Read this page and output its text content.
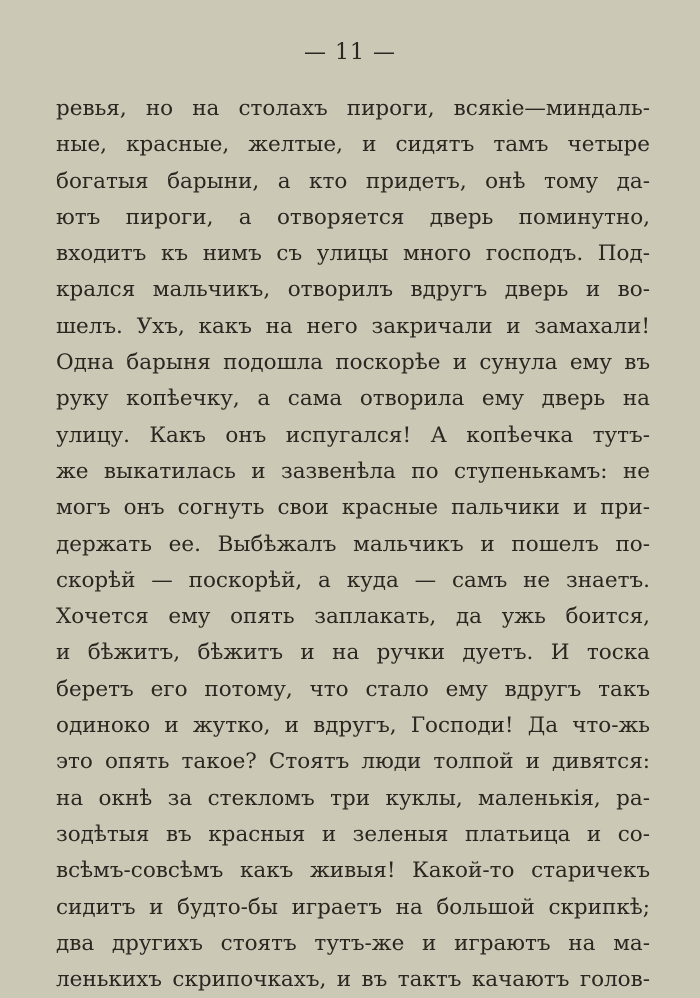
— 11 —
ревья, но на столахъ пироги, всякіе—миндаль-
ные, красные, желтые, и сидятъ тамъ четыре
богатыя барыни, а кто придетъ, онѣ тому да-
ютъ пироги, а отворяется дверь поминутно,
входитъ къ нимъ съ улицы много господъ. Под-
крался мальчикъ, отворилъ вдругъ дверь и во-
шелъ. Ухъ, какъ на него закричали и замахали!
Одна барыня подошла поскорѣе и сунула ему въ
руку копѣечку, а сама отворила ему дверь на
улицу. Какъ онъ испугался! А копѣечка тутъ-
же выкатилась и зазвенѣла по ступенькамъ: не
могъ онъ согнуть свои красные пальчики и при-
держать ее. Выбѣжалъ мальчикъ и пошелъ по-
скорѣй — поскорѣй, а куда — самъ не знаетъ.
Хочется ему опять заплакать, да ужь боится,
и бѣжитъ, бѣжитъ и на ручки дуетъ. И тоска
беретъ его потому, что стало ему вдругъ такъ
одиноко и жутко, и вдругъ, Господи! Да что-жь
это опять такое? Стоятъ люди толпой и дивятся:
на окнѣ за стекломъ три куклы, маленькія, ра-
зодѣтыя въ красныя и зеленыя платьица и со-
всѣмъ-совсѣмъ какъ живыя! Какой-то старичекъ
сидитъ и будто-бы играетъ на большой скрипкѣ;
два другихъ стоятъ тутъ-же и играютъ на ма-
ленькихъ скрипочкахъ, и въ тактъ качаютъ голов-
